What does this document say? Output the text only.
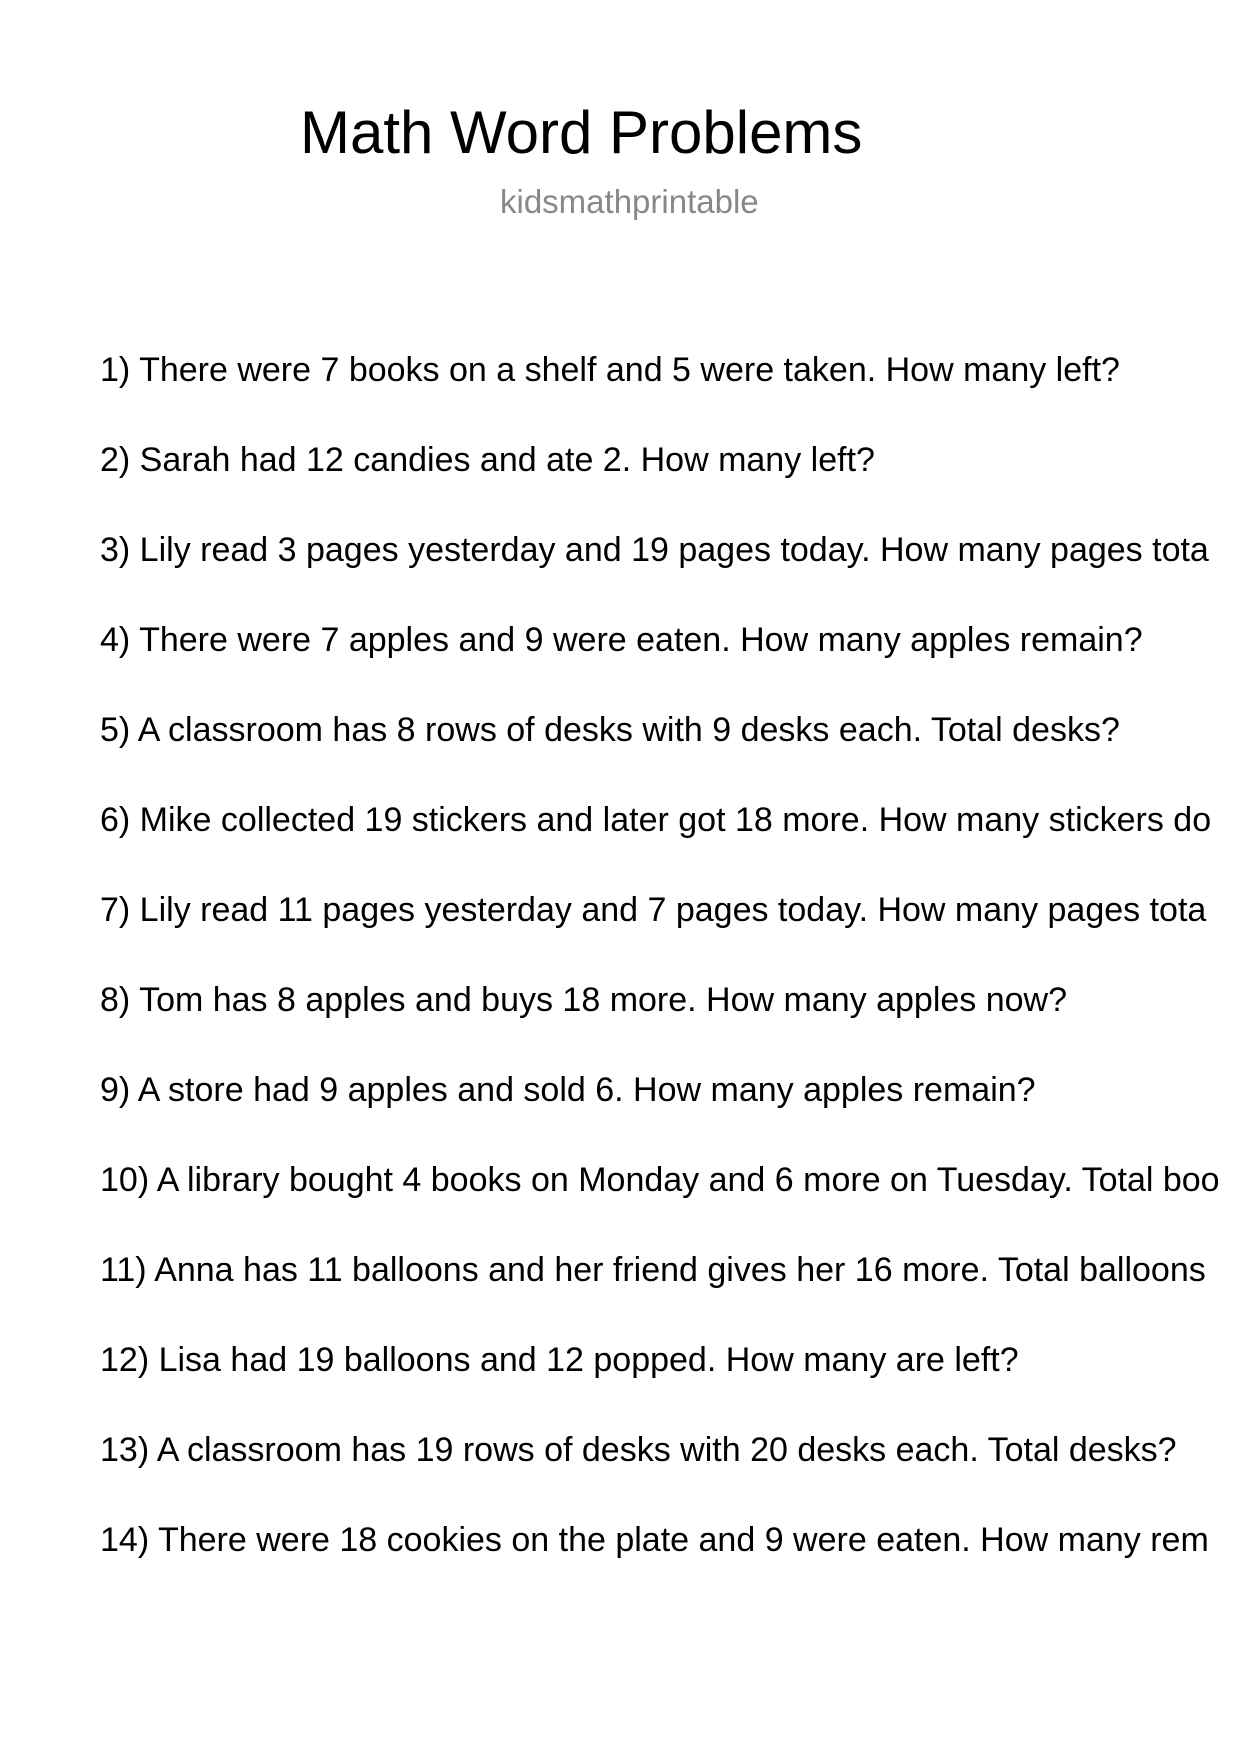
Math Word Problems
kidsmathprintable
1) There were 7 books on a shelf and 5 were taken. How many left?
2) Sarah had 12 candies and ate 2. How many left?
3) Lily read 3 pages yesterday and 19 pages today. How many pages tota
4) There were 7 apples and 9 were eaten. How many apples remain?
5) A classroom has 8 rows of desks with 9 desks each. Total desks?
6) Mike collected 19 stickers and later got 18 more. How many stickers do
7) Lily read 11 pages yesterday and 7 pages today. How many pages tota
8) Tom has 8 apples and buys 18 more. How many apples now?
9) A store had 9 apples and sold 6. How many apples remain?
10) A library bought 4 books on Monday and 6 more on Tuesday. Total boo
11) Anna has 11 balloons and her friend gives her 16 more. Total balloons
12) Lisa had 19 balloons and 12 popped. How many are left?
13) A classroom has 19 rows of desks with 20 desks each. Total desks?
14) There were 18 cookies on the plate and 9 were eaten. How many rem
